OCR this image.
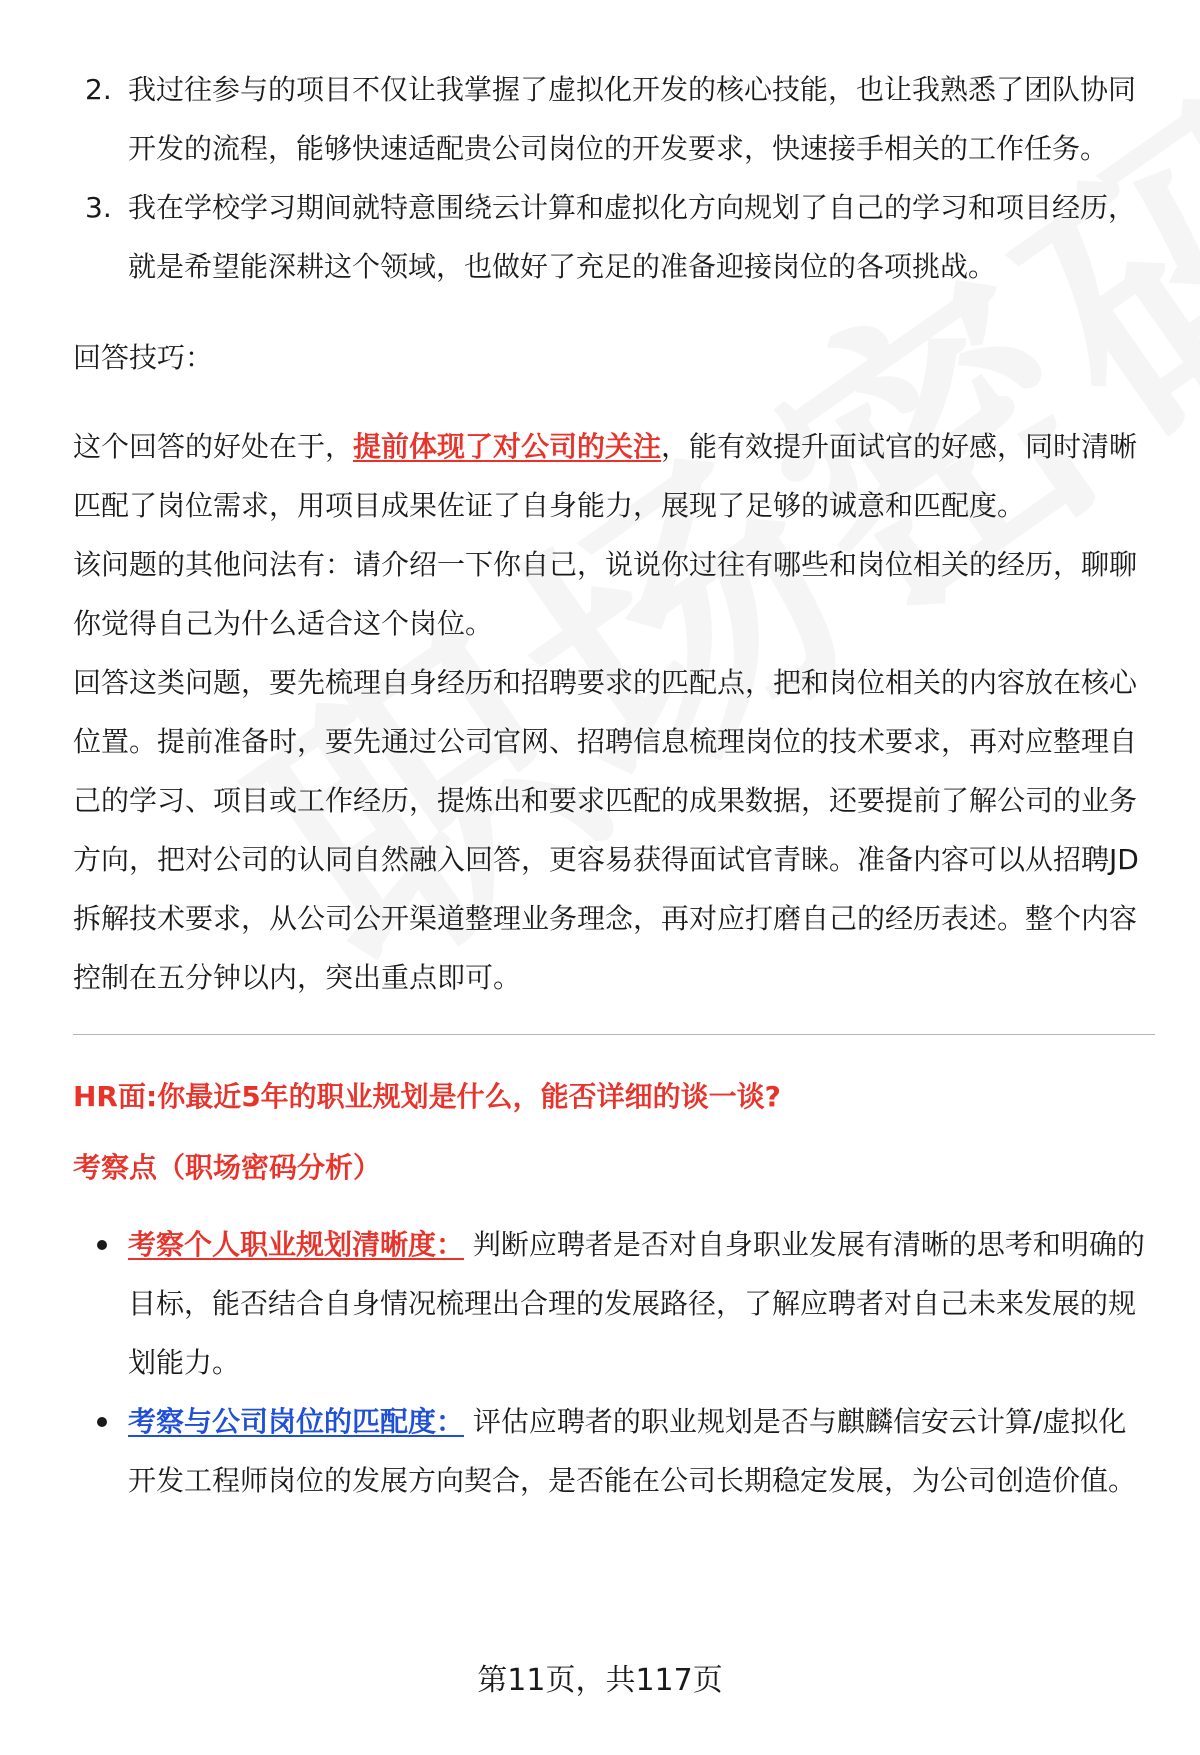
2. 我过往参与的项目不仅让我掌握了虚拟化开发的核心技能，也让我熟悉了团队协同开发的流程，能够快速适配贵公司岗位的开发要求，快速接手相关的工作任务。
3. 我在学校学习期间就特意围绕云计算和虚拟化方向规划了自己的学习和项目经历，就是希望能深耕这个领域，也做好了充足的准备迎接岗位的各项挑战。
回答技巧：

这个回答的好处在于，提前体现了对公司的关注，能有效提升面试官的好感，同时清晰匹配了岗位需求，用项目成果佐证了自身能力，展现了足够的诚意和匹配度。

该问题的其他问法有：请介绍一下你自己，说说你过往有哪些和岗位相关的经历，聊聊你觉得自己为什么适合这个岗位。

回答这类问题，要先梳理自身经历和招聘要求的匹配点，把和岗位相关的内容放在核心位置。提前准备时，要先通过公司官网、招聘信息梳理岗位的技术要求，再对应整理自己的学习、项目或工作经历，提炼出和要求匹配的成果数据，还要提前了解公司的业务方向，把对公司的认同自然融入回答，更容易获得面试官青睐。准备内容可以从招聘JD拆解技术要求，从公司公开渠道整理业务理念，再对应打磨自己的经历表述。整个内容控制在五分钟以内，突出重点即可。

HR面:你最近5年的职业规划是什么，能否详细的谈一谈?
考察点（职场密码分析）
考察个人职业规划清晰度： 判断应聘者是否对自身职业发展有清晰的思考和明确的目标，能否结合自身情况梳理出合理的发展路径，了解应聘者对自己未来发展的规划能力。
考察与公司岗位的匹配度： 评估应聘者的职业规划是否与麒麟信安云计算/虚拟化开发工程师岗位的发展方向契合，是否能在公司长期稳定发展，为公司创造价值。
第11页，共117页
